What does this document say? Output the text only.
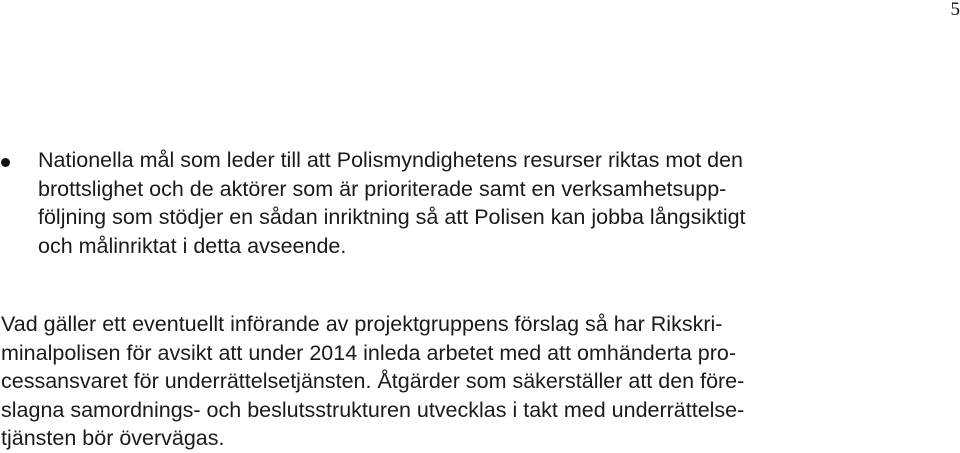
5
Nationella mål som leder till att Polismyndighetens resurser riktas mot den
brottslighet och de aktörer som är prioriterade samt en verksamhetsupp-
följning som stödjer en sådan inriktning så att Polisen kan jobba långsiktigt
och målinriktat i detta avseende.
Vad gäller ett eventuellt införande av projektgruppens förslag så har Rikskri-
minalpolisen för avsikt att under 2014 inleda arbetet med att omhänderta pro-
cessansvaret för underrättelsetjänsten. Åtgärder som säkerställer att den före-
slagna samordnings- och beslutsstrukturen utvecklas i takt med underrättelse-
tjänsten bör övervägas.
